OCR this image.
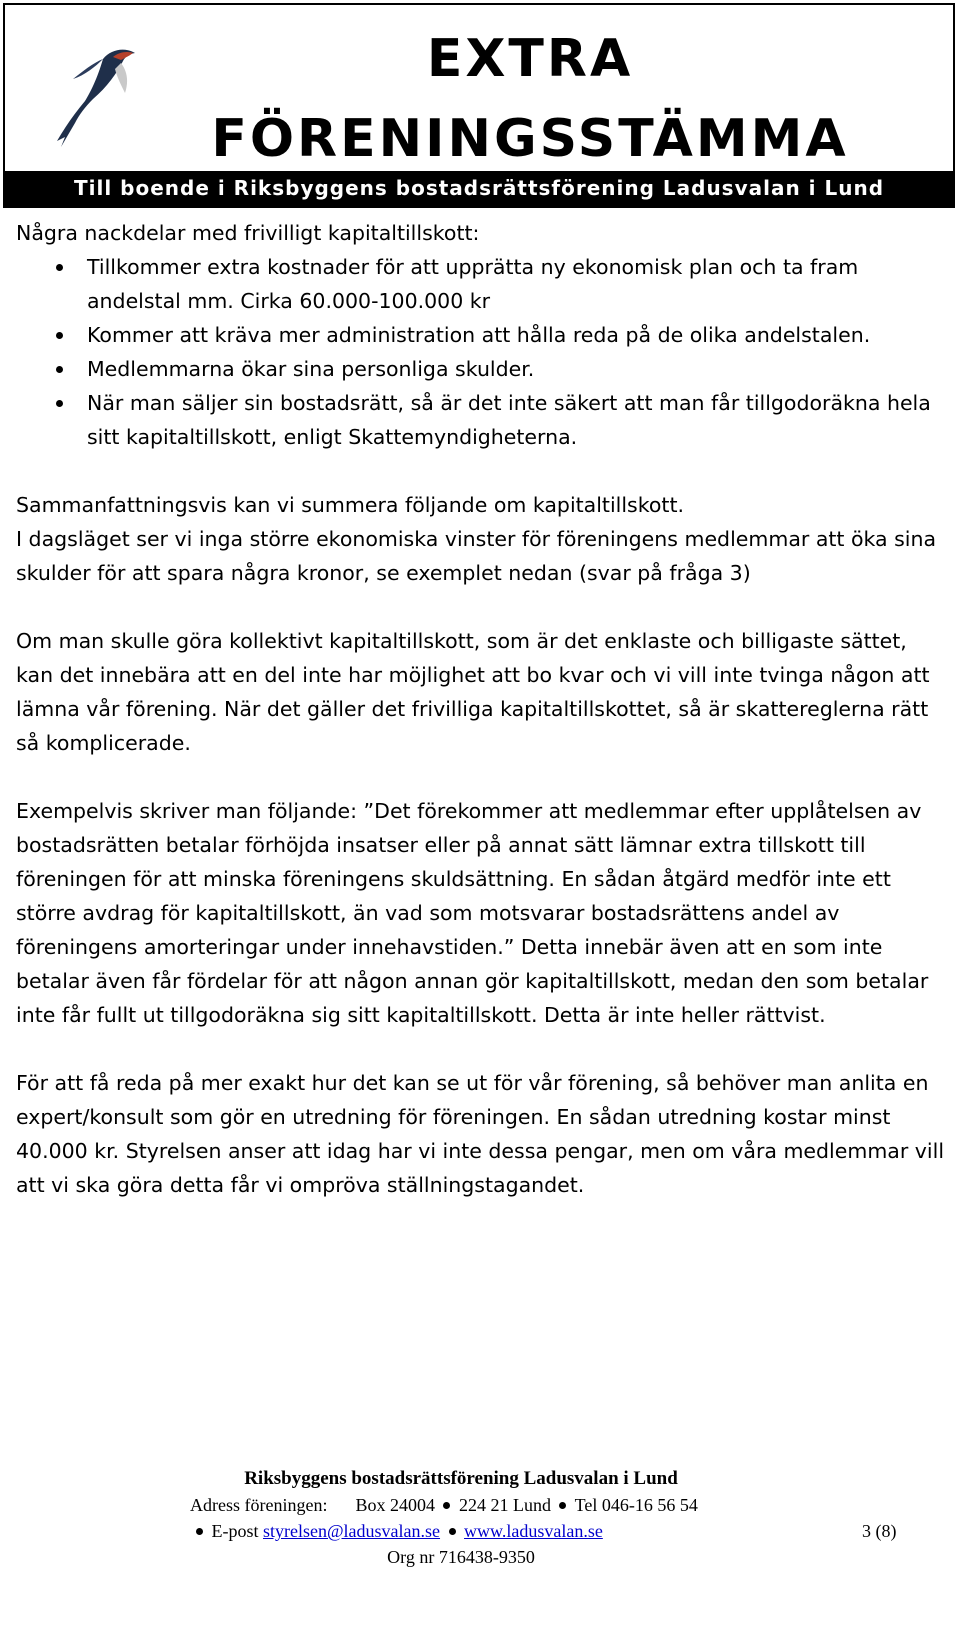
EXTRA
FÖRENINGSSTÄMMA
Till boende i Riksbyggens bostadsrättsförening Ladusvalan i Lund

Några nackdelar med frivilligt kapitaltillskott:

Tillkommer extra kostnader för att upprätta ny ekonomisk plan och ta fram andelstal mm. Cirka 60.000-100.000 kr
Kommer att kräva mer administration att hålla reda på de olika andelstalen.
Medlemmarna ökar sina personliga skulder.
När man säljer sin bostadsrätt, så är det inte säkert att man får tillgodoräkna hela sitt kapitaltillskott, enligt Skattemyndigheterna.

Sammanfattningsvis kan vi summera följande om kapitaltillskott.

I dagsläget ser vi inga större ekonomiska vinster för föreningens medlemmar att öka sina skulder för att spara några kronor, se exemplet nedan (svar på fråga 3)

Om man skulle göra kollektivt kapitaltillskott, som är det enklaste och billigaste sättet, kan det innebära att en del inte har möjlighet att bo kvar och vi vill inte tvinga någon att lämna vår förening. När det gäller det frivilliga kapitaltillskottet, så är skattereglerna rätt så komplicerade.

Exempelvis skriver man följande: ”Det förekommer att medlemmar efter upplåtelsen av bostadsrätten betalar förhöjda insatser eller på annat sätt lämnar extra tillskott till föreningen för att minska föreningens skuldsättning. En sådan åtgärd medför inte ett större avdrag för kapitaltillskott, än vad som motsvarar bostadsrättens andel av föreningens amorteringar under innehavstiden.” Detta innebär även att en som inte betalar även får fördelar för att någon annan gör kapitaltillskott, medan den som betalar inte får fullt ut tillgodoräkna sig sitt kapitaltillskott. Detta är inte heller rättvist.

För att få reda på mer exakt hur det kan se ut för vår förening, så behöver man anlita en expert/konsult som gör en utredning för föreningen. En sådan utredning kostar minst 40.000 kr. Styrelsen anser att idag har vi inte dessa pengar, men om våra medlemmar vill att vi ska göra detta får vi ompröva ställningstagandet.

Riksbyggens bostadsrättsförening Ladusvalan i Lund
Adress föreningen: Box 24004 224 21 Lund Tel 046-16 56 54
E-post styrelsen@ladusvalan.se www.ladusvalan.se	3 (8)
Org nr 716438-9350
